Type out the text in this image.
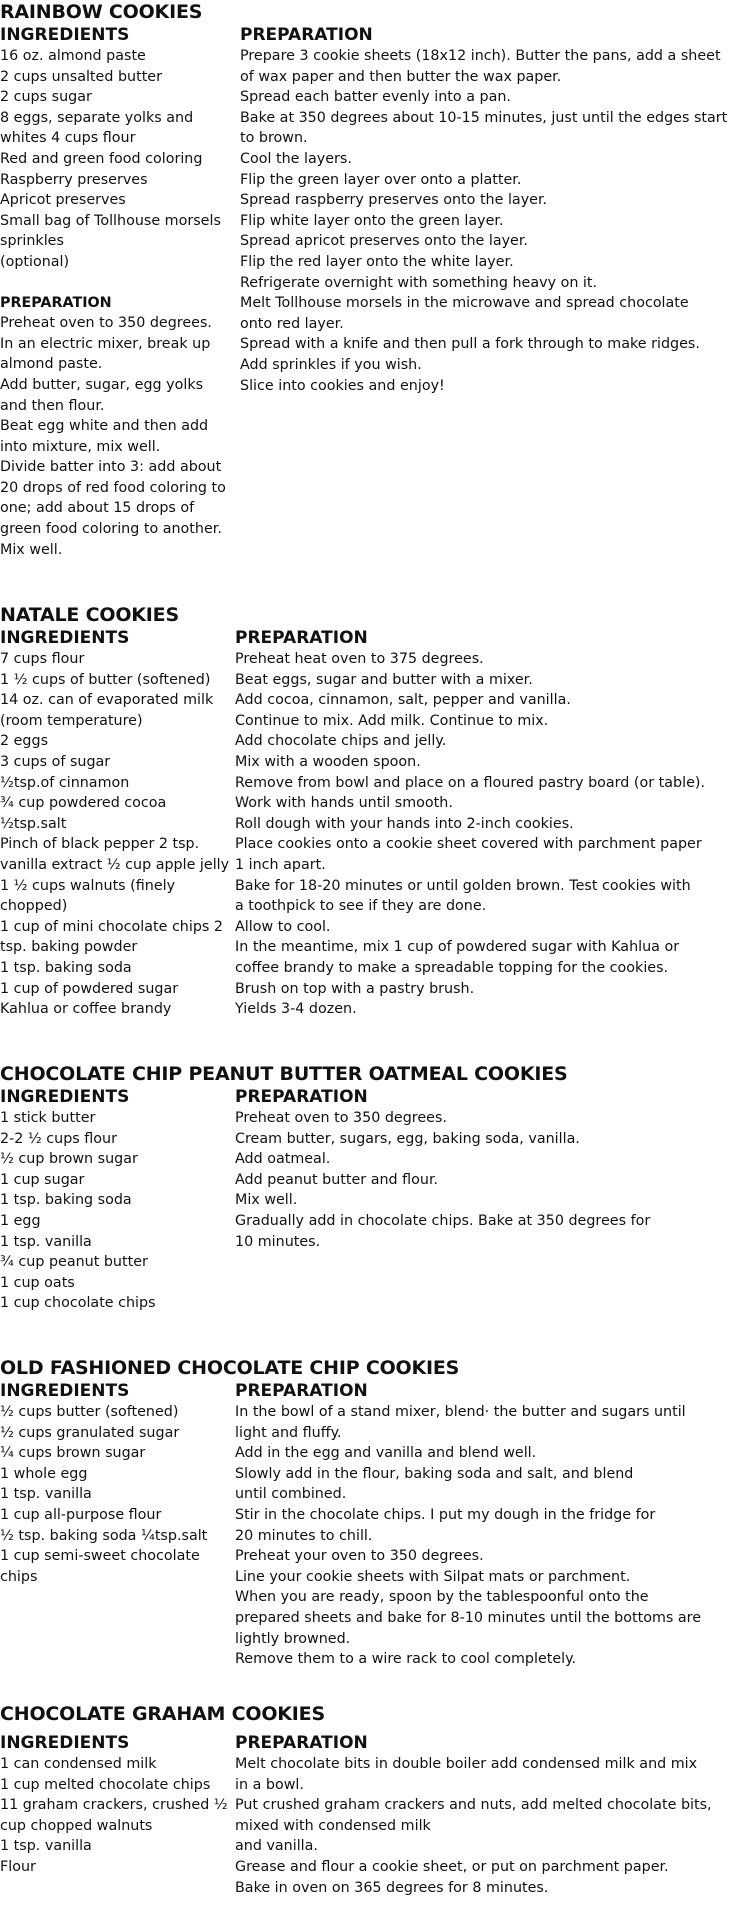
RAINBOW COOKIES
INGREDIENTS
16 oz. almond paste
2 cups unsalted butter
2 cups sugar
8 eggs, separate yolks and
whites 4 cups flour
Red and green food coloring
Raspberry preserves
Apricot preserves
Small bag of Tollhouse morsels
sprinkles
(optional)
PREPARATION
Preheat oven to 350 degrees.
In an electric mixer, break up
almond paste.
Add butter, sugar, egg yolks
and then flour.
Beat egg white and then add
into mixture, mix well.
Divide batter into 3: add about
20 drops of red food coloring to
one; add about 15 drops of
green food coloring to another.
Mix well.
PREPARATION
Prepare 3 cookie sheets (18x12 inch). Butter the pans, add a sheet
of wax paper and then butter the wax paper.
Spread each batter evenly into a pan.
Bake at 350 degrees about 10-15 minutes, just until the edges start
to brown.
Cool the layers.
Flip the green layer over onto a platter.
Spread raspberry preserves onto the layer.
Flip white layer onto the green layer.
Spread apricot preserves onto the layer.
Flip the red layer onto the white layer.
Refrigerate overnight with something heavy on it.
Melt Tollhouse morsels in the microwave and spread chocolate
onto red layer.
Spread with a knife and then pull a fork through to make ridges.
Add sprinkles if you wish.
Slice into cookies and enjoy!
NATALE COOKIES
INGREDIENTS
7 cups flour
1 ½ cups of butter (softened)
14 oz. can of evaporated milk
(room temperature)
2 eggs
3 cups of sugar
½tsp.of cinnamon
¾ cup powdered cocoa
½tsp.salt
Pinch of black pepper 2 tsp.
vanilla extract ½ cup apple jelly
1 ½ cups walnuts (finely
chopped)
1 cup of mini chocolate chips 2
tsp. baking powder
1 tsp. baking soda
1 cup of powdered sugar
Kahlua or coffee brandy
PREPARATION
Preheat heat oven to 375 degrees.
Beat eggs, sugar and butter with a mixer.
Add cocoa, cinnamon, salt, pepper and vanilla.
Continue to mix. Add milk. Continue to mix.
Add chocolate chips and jelly.
Mix with a wooden spoon.
Remove from bowl and place on a floured pastry board (or table).
Work with hands until smooth.
Roll dough with your hands into 2-inch cookies.
Place cookies onto a cookie sheet covered with parchment paper
1 inch apart.
Bake for 18-20 minutes or until golden brown. Test cookies with
a toothpick to see if they are done.
Allow to cool.
In the meantime, mix 1 cup of powdered sugar with Kahlua or
coffee brandy to make a spreadable topping for the cookies.
Brush on top with a pastry brush.
Yields 3-4 dozen.
CHOCOLATE CHIP PEANUT BUTTER OATMEAL COOKIES
INGREDIENTS
1 stick butter
2-2 ½ cups flour
½ cup brown sugar
1 cup sugar
1 tsp. baking soda
1 egg
1 tsp. vanilla
¾ cup peanut butter
1 cup oats
1 cup chocolate chips
PREPARATION
Preheat oven to 350 degrees.
Cream butter, sugars, egg, baking soda, vanilla.
Add oatmeal.
Add peanut butter and flour.
Mix well.
Gradually add in chocolate chips. Bake at 350 degrees for
10 minutes.
OLD FASHIONED CHOCOLATE CHIP COOKIES
INGREDIENTS
½ cups butter (softened)
½ cups granulated sugar
¼ cups brown sugar
1 whole egg
1 tsp. vanilla
1 cup all-purpose flour
½ tsp. baking soda ¼tsp.salt
1 cup semi-sweet chocolate
chips
PREPARATION
In the bowl of a stand mixer, blend· the butter and sugars until
light and fluffy.
Add in the egg and vanilla and blend well.
Slowly add in the flour, baking soda and salt, and blend
until combined.
Stir in the chocolate chips. I put my dough in the fridge for
20 minutes to chill.
Preheat your oven to 350 degrees.
Line your cookie sheets with Silpat mats or parchment.
When you are ready, spoon by the tablespoonful onto the
prepared sheets and bake for 8-10 minutes until the bottoms are
lightly browned.
Remove them to a wire rack to cool completely.
CHOCOLATE GRAHAM COOKIES
INGREDIENTS
1 can condensed milk
1 cup melted chocolate chips
11 graham crackers, crushed ½
cup chopped walnuts
1 tsp. vanilla
Flour
PREPARATION
Melt chocolate bits in double boiler add condensed milk and mix
in a bowl.
Put crushed graham crackers and nuts, add melted chocolate bits,
mixed with condensed milk
and vanilla.
Grease and flour a cookie sheet, or put on parchment paper.
Bake in oven on 365 degrees for 8 minutes.
